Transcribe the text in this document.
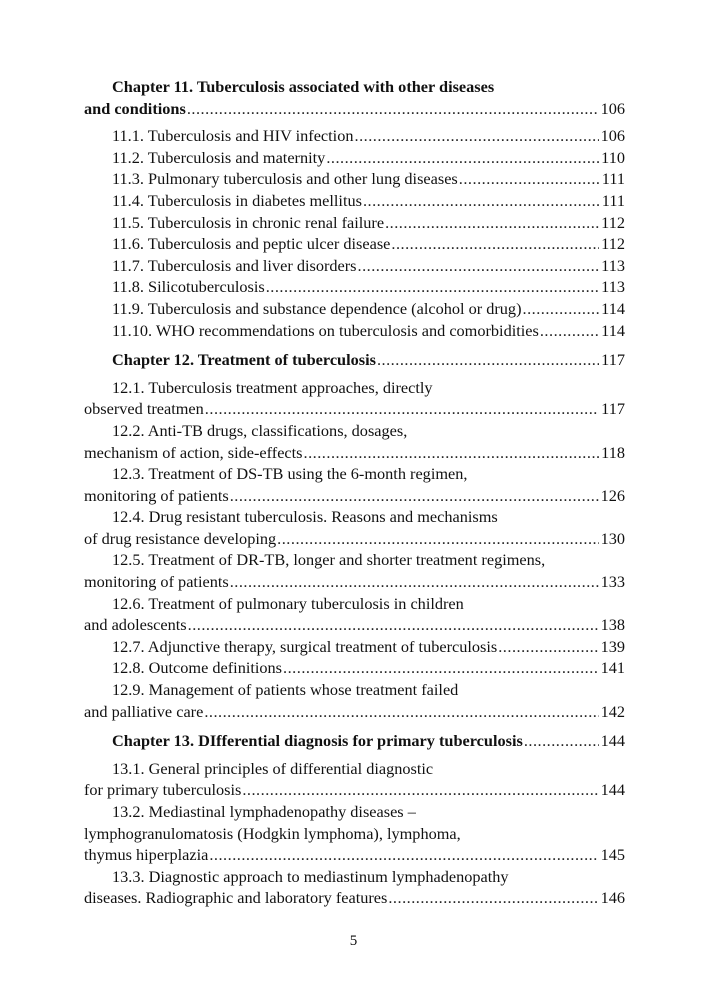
Chapter 11. Tuberculosis associated with other diseases
and conditions .....	106
11.1. Tuberculosis and HIV infection .....	106
11.2. Tuberculosis and maternity .....	110
11.3. Pulmonary tuberculosis and other lung diseases .....	111
11.4. Tuberculosis in diabetes mellitus .....	111
11.5. Tuberculosis in chronic renal failure .....	112
11.6. Tuberculosis and peptic ulcer disease .....	112
11.7. Tuberculosis and liver disorders .....	113
11.8. Silicotuberculosis .....	113
11.9. Tuberculosis and substance dependence (alcohol or drug) .....	114
11.10. WHO recommendations on tuberculosis and comorbidities .....	114
Chapter 12. Treatment of tuberculosis .....	117
12.1. Tuberculosis treatment approaches, directly
observed treatmen .....	117
12.2. Anti-TB drugs, classifications, dosages,
mechanism of action, side-effects .....	118
12.3. Treatment of DS-TB using the 6-month regimen,
monitoring of patients .....	126
12.4. Drug resistant tuberculosis. Reasons and mechanisms
of drug resistance developing .....	130
12.5. Treatment of DR-TB, longer and shorter treatment regimens,
monitoring of patients .....	133
12.6. Treatment of pulmonary tuberculosis in children
and adolescents .....	138
12.7. Adjunctive therapy, surgical treatment of tuberculosis .....	139
12.8. Outcome definitions .....	141
12.9. Management of patients whose treatment failed
and palliative care .....	142
Chapter 13. DIfferential diagnosis for primary tuberculosis .....	144
13.1. General principles of differential diagnostic
for primary tuberculosis .....	144
13.2. Mediastinal lymphadenopathy diseases –
lymphogranulomatosis (Hodgkin lymphoma), lymphoma,
thymus hiperplazia .....	145
13.3. Diagnostic approach to mediastinum lymphadenopathy
diseases. Radiographic and laboratory features .....	146
5
